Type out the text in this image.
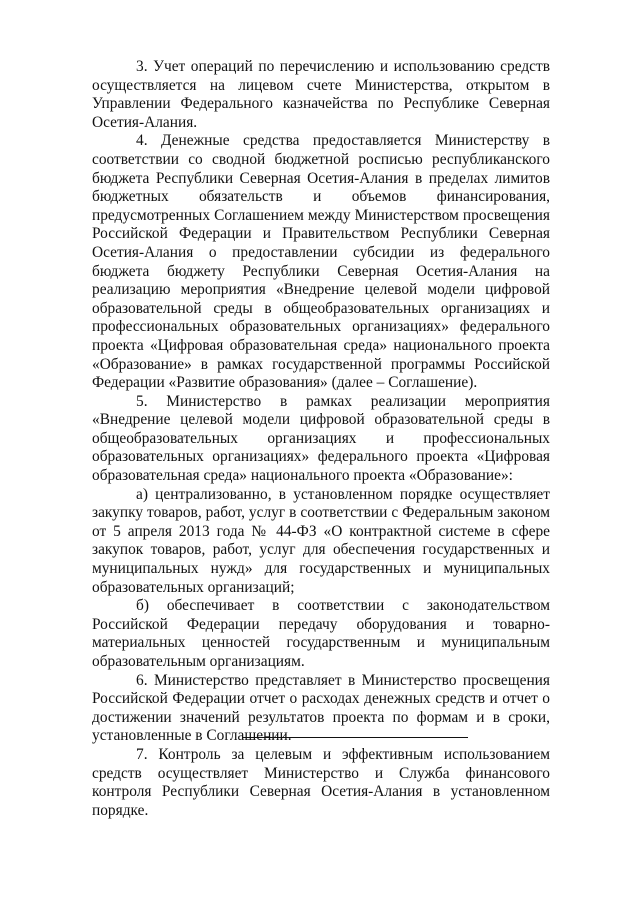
3. Учет операций по перечислению и использованию средств осуществляется на лицевом счете Министерства, открытом в Управлении Федерального казначейства по Республике Северная Осетия-Алания.

4. Денежные средства предоставляется Министерству в соответствии со сводной бюджетной росписью республиканского бюджета Республики Северная Осетия-Алания в пределах лимитов бюджетных обязательств и объемов финансирования, предусмотренных Соглашением между Министерством просвещения Российской Федерации и Правительством Республики Северная Осетия-Алания о предоставлении субсидии из федерального бюджета бюджету Республики Северная Осетия-Алания на реализацию мероприятия «Внедрение целевой модели цифровой образовательной среды в общеобразовательных организациях и профессиональных образовательных организациях» федерального проекта «Цифровая образовательная среда» национального проекта «Образование» в рамках государственной программы Российской Федерации «Развитие образования» (далее – Соглашение).

5. Министерство в рамках реализации мероприятия «Внедрение целевой модели цифровой образовательной среды в общеобразовательных организациях и профессиональных образовательных организациях» федерального проекта «Цифровая образовательная среда» национального проекта «Образование»:

а) централизованно, в установленном порядке осуществляет закупку товаров, работ, услуг в соответствии с Федеральным законом от 5 апреля 2013 года № 44-ФЗ «О контрактной системе в сфере закупок товаров, работ, услуг для обеспечения государственных и муниципальных нужд» для государственных и муниципальных образовательных организаций;

б) обеспечивает в соответствии с законодательством Российской Федерации передачу оборудования и товарно-материальных ценностей государственным и муниципальным образовательным организациям.

6. Министерство представляет в Министерство просвещения Российской Федерации отчет о расходах денежных средств и отчет о достижении значений результатов проекта по формам и в сроки, установленные в Соглашении.

7. Контроль за целевым и эффективным использованием средств осуществляет Министерство и Служба финансового контроля Республики Северная Осетия-Алания в установленном порядке.
